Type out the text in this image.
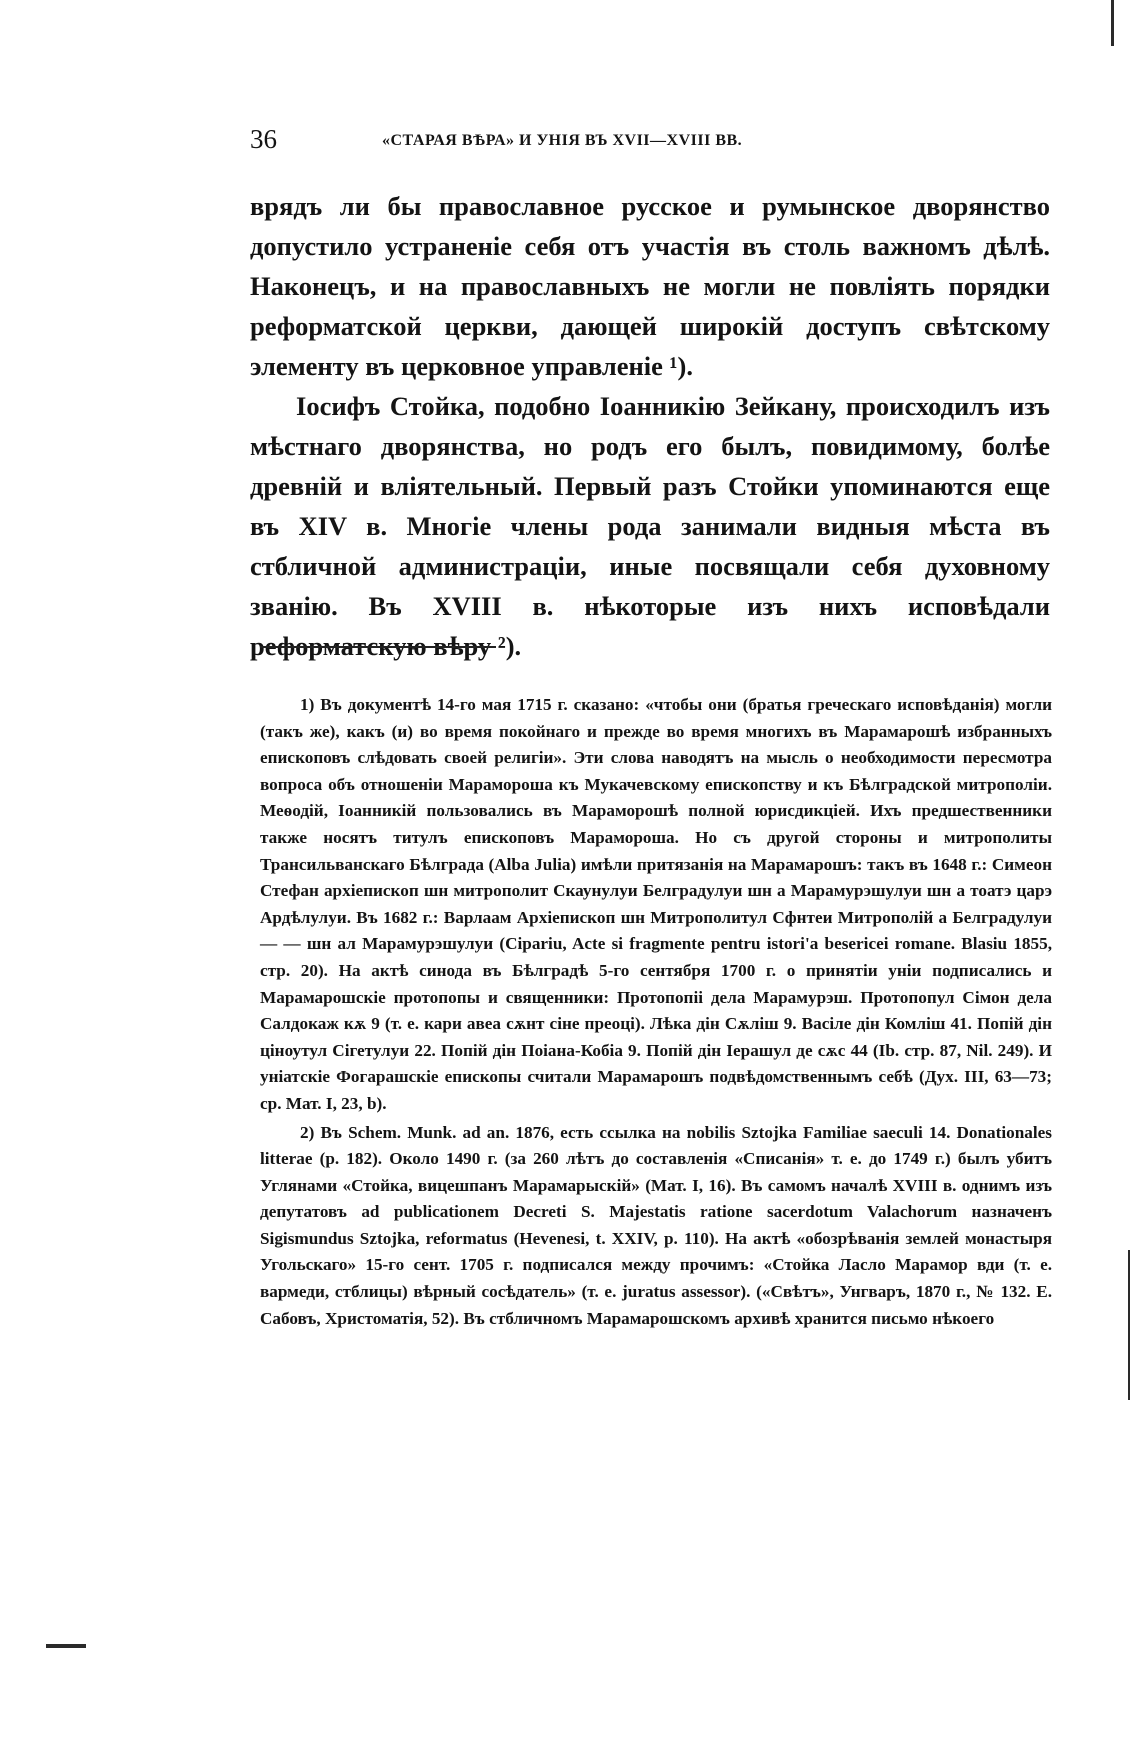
36	«СТАРАЯ ВѢРА» И УНІЯ ВЪ XVII—XVIII ВВ.

врядъ ли бы православное русское и румынское дворянство допустило устраненіе себя отъ участія въ столь важномъ дѣлѣ. Наконецъ, и на православныхъ не могли не повліять порядки реформатской церкви, дающей широкій доступъ свѣтскому элементу въ церковное управленіе ¹).

Іосифъ Стойка, подобно Іоанникію Зейкану, происходилъ изъ мѣстнаго дворянства, но родъ его былъ, повидимому, болѣе древній и вліятельный. Первый разъ Стойки упоминаются еще въ XIV в. Многіе члены рода занимали видныя мѣста въ стбличной администраціи, иные посвящали себя духовному званію. Въ XVIII в. нѣкоторые изъ нихъ исповѣдали реформатскую вѣру ²).

1) Въ документѣ 14-го мая 1715 г. сказано: «чтобы они (братья греческаго исповѣданія) могли (такъ же), какъ (и) во время покойнаго и прежде во время многихъ въ Марамарошѣ избранныхъ епископовъ слѣдовать своей религіи». Эти слова наводятъ на мысль о необходимости пересмотра вопроса объ отношеніи Марамороша къ Мукачевскому епископству и къ Бѣлградской митрополіи. Меѳодій, Іоанникій пользовались въ Мараморошѣ полной юрисдикціей. Ихъ предшественники также носятъ титулъ епископовъ Марамороша. Но съ другой стороны и митрополиты Трансильванскаго Бѣлграда (Alba Julia) имѣли притязанія на Марамарошъ: такъ въ 1648 г.: Симеон Стефан архіепископ шн митрополит Скаунулуи Белградулуи шн а Марамурэшулуи шн а тоатэ царэ Ардѣлулуи. Въ 1682 г.: Варлаам Архіепископ шн Митрополитул Сфнтеи Митрополій а Белградулуи — — шн ал Марамурэшулуи (Ciparіu, Acte si fragmente pentru istori'a besericei romane. Blasiu 1855, стр. 20). На актѣ синода въ Бѣлградѣ 5-го сентября 1700 г. о принятіи уніи подписались и Марамарошскіе протопопы и священники: Протопопіі дела Марамурэш. Протопопул Сімон дела Салдокаж кѫ 9 (т. е. кари авеа сѫнт сіне преоці). Лѣка дін Сѫліш 9. Васіле дін Комліш 41. Попій дін ціноутул Сігетулуи 22. Попій дін Поіана-Кобіа 9. Попій дін Іерашул де сѫс 44 (Ib. стр. 87, Nil. 249). И уніатскіе Фогарашскіе епископы считали Марамарошъ подвѣдомственнымъ себѣ (Дух. III, 63—73; ср. Мат. І, 23, b).

2) Въ Schem. Munk. ad an. 1876, есть ссылка на nobilis Sztojka Familiae saeculi 14. Donationales litterae (p. 182). Около 1490 г. (за 260 лѣтъ до составленія «Списанія» т. е. до 1749 г.) былъ убитъ Углянами «Стойка, вицешпанъ Марамарыскій» (Мат. I, 16). Въ самомъ началѣ XVIII в. однимъ изъ депутатовъ ad publicationem Decreti S. Majestatis ratione sacerdotum Valachorum назначенъ Sigismundus Sztojka, reformatus (Hevenesi, t. XXIV, p. 110). На актѣ «обозрѣванія землей монастыря Угольскаго» 15-го сент. 1705 г. подписался между прочимъ: «Стойка Ласло Марамор вди (т. е. вармеди, стблицы) вѣрный сосѣдатель» (т. е. juratus assessor). («Свѣтъ», Унгваръ, 1870 г., № 132. Е. Сабовъ, Христоматія, 52). Въ стбличномъ Марамарошскомъ архивѣ хранится письмо нѣкоего
